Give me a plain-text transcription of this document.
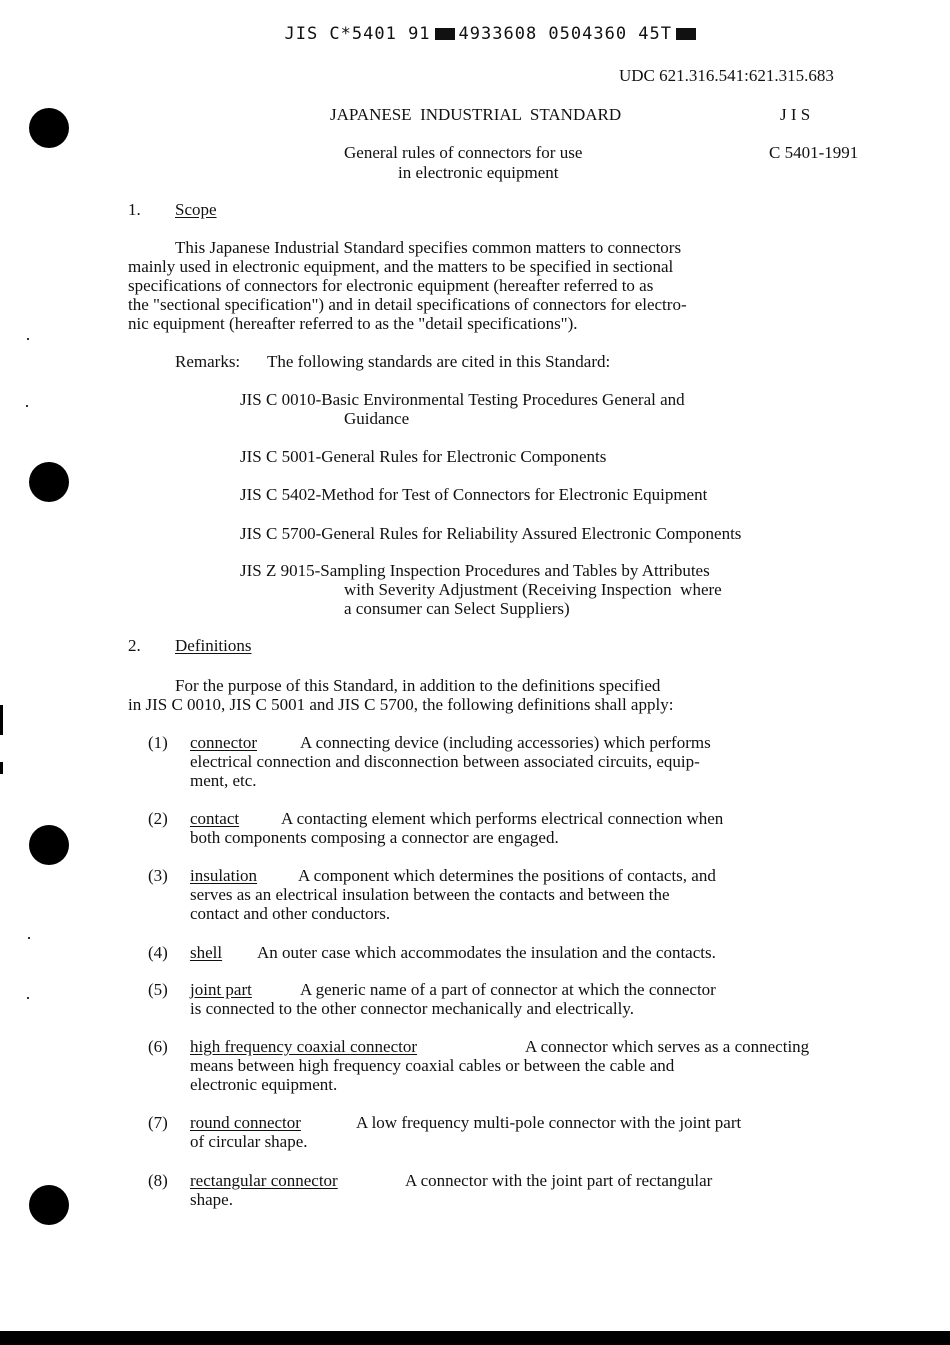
JIS C*5401 91 4933608 0504360 45T

UDC 621.316.541:621.315.683
JAPANESE  INDUSTRIAL  STANDARD	J I S
General rules of connectors for use
in electronic equipment
C 5401-1991
1. Scope
This Japanese Industrial Standard specifies common matters to connectors
mainly used in electronic equipment, and the matters to be specified in sectional
specifications of connectors for electronic equipment (hereafter referred to as
the "sectional specification") and in detail specifications of connectors for electro-
nic equipment (hereafter referred to as the "detail specifications").
Remarks: The following standards are cited in this Standard:
JIS C 0010-Basic Environmental Testing Procedures General and
Guidance
JIS C 5001-General Rules for Electronic Components
JIS C 5402-Method for Test of Connectors for Electronic Equipment
JIS C 5700-General Rules for Reliability Assured Electronic Components
JIS Z 9015-Sampling Inspection Procedures and Tables by Attributes
with Severity Adjustment (Receiving Inspection  where
a consumer can Select Suppliers)
2. Definitions
For the purpose of this Standard, in addition to the definitions specified
in JIS C 0010, JIS C 5001 and JIS C 5700, the following definitions shall apply:
(1) connector	A connecting device (including accessories) which performs
electrical connection and disconnection between associated circuits, equip-
ment, etc.
(2) contact A contacting element which performs electrical connection when
both components composing a connector are engaged.
(3) insulation A component which determines the positions of contacts, and
serves as an electrical insulation between the contacts and between the
contact and other conductors.
(4) shell An outer case which accommodates the insulation and the contacts.
(5) joint part	A generic name of a part of connector at which the connector
is connected to the other connector mechanically and electrically.
(6) high frequency coaxial connector	A connector which serves as a connecting
means between high frequency coaxial cables or between the cable and
electronic equipment.
(7) round connector	A low frequency multi-pole connector with the joint part
of circular shape.
(8) rectangular connector	A connector with the joint part of rectangular
shape.
